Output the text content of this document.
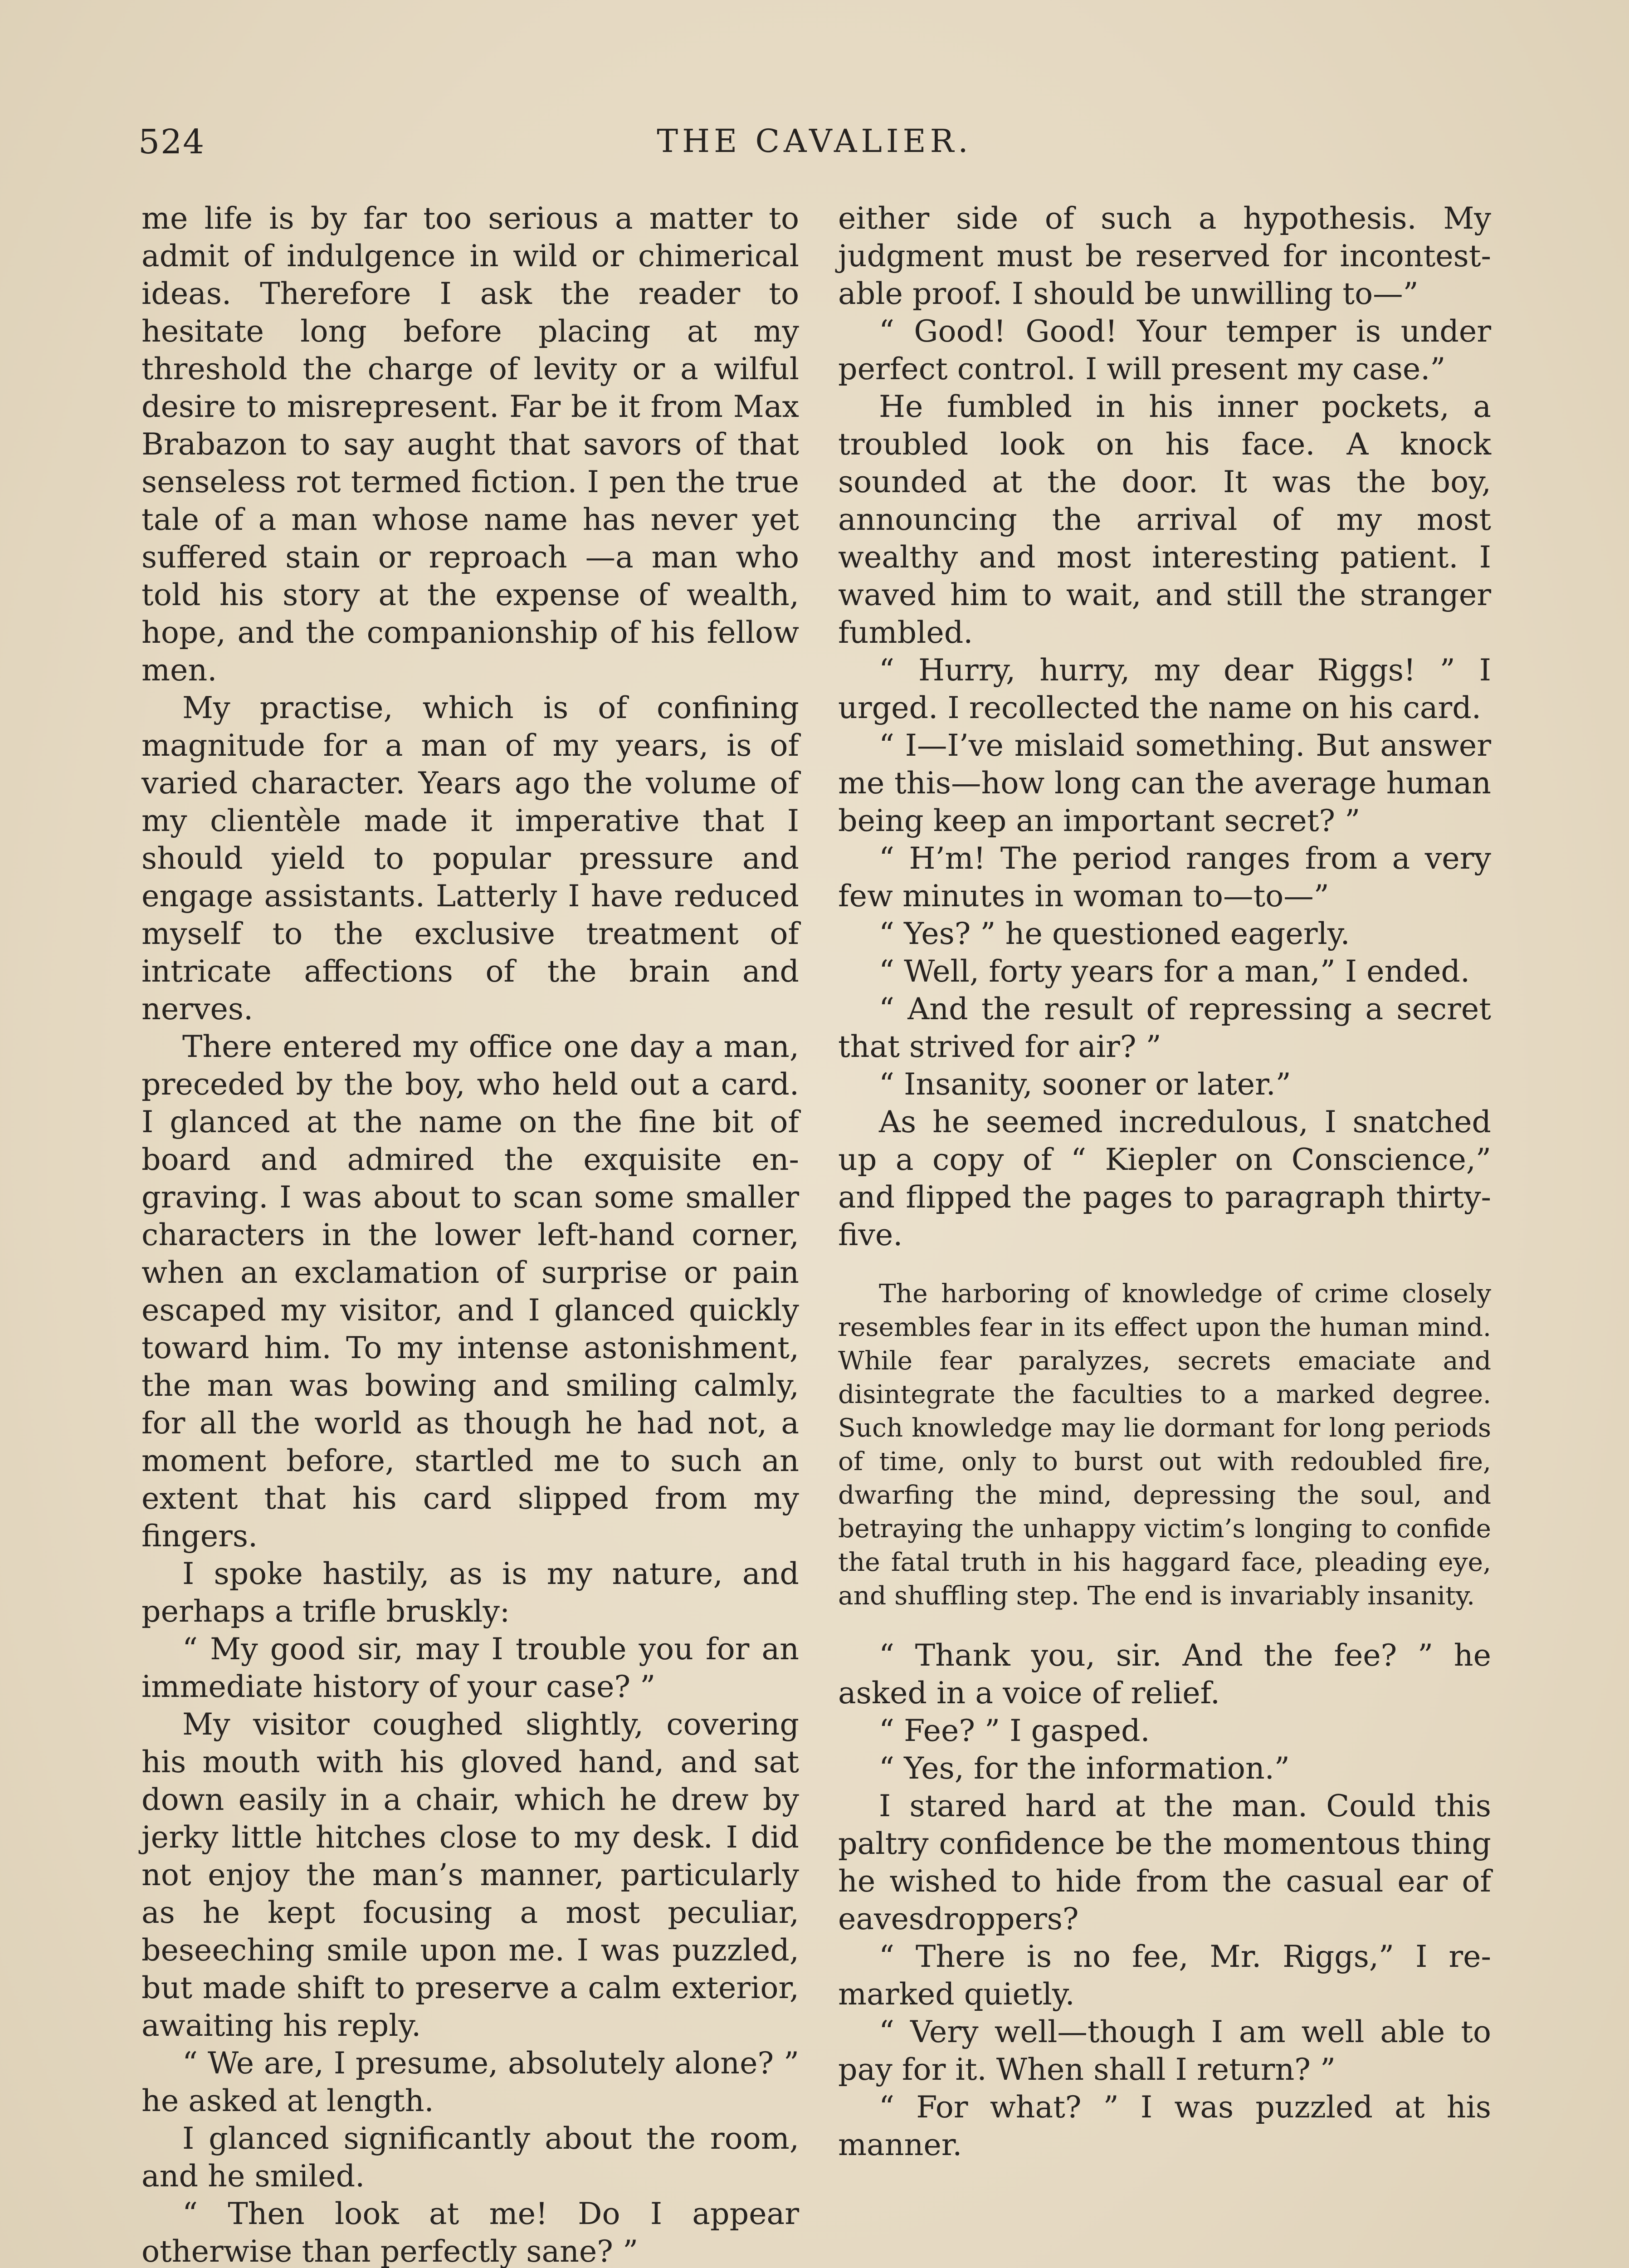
524	THE CAVALIER.

me life is by far too serious a matter to admit of indulgence in wild or chimerical ideas. Therefore I ask the reader to hesitate long before placing at my threshold the charge of levity or a wilful desire to misrepresent. Far be it from Max Brabazon to say aught that savors of that senseless rot termed fiction. I pen the true tale of a man whose name has never yet suffered stain or reproach —a man who told his story at the expense of wealth, hope, and the companionship of his fellow men.

My practise, which is of confining magnitude for a man of my years, is of varied character. Years ago the volume of my clientèle made it imperative that I should yield to popular pressure and engage assistants. Latterly I have reduced myself to the exclusive treatment of intricate affections of the brain and nerves.

There entered my office one day a man, preceded by the boy, who held out a card. I glanced at the name on the fine bit of board and admired the exquisite engraving. I was about to scan some smaller characters in the lower left-hand corner, when an exclamation of surprise or pain escaped my visitor, and I glanced quickly toward him. To my intense astonishment, the man was bowing and smiling calmly, for all the world as though he had not, a moment before, startled me to such an extent that his card slipped from my fingers.

I spoke hastily, as is my nature, and perhaps a trifle bruskly:

“ My good sir, may I trouble you for an immediate history of your case? ”

My visitor coughed slightly, covering his mouth with his gloved hand, and sat down easily in a chair, which he drew by jerky little hitches close to my desk. I did not enjoy the man’s manner, particularly as he kept focusing a most peculiar, beseeching smile upon me. I was puzzled, but made shift to preserve a calm exterior, awaiting his reply.

“ We are, I presume, absolutely alone? ” he asked at length.

I glanced significantly about the room, and he smiled.

“ Then look at me! Do I appear otherwise than perfectly sane? ”

either side of such a hypothesis. My judgment must be reserved for incontestable proof. I should be unwilling to—”

“ Good! Good! Your temper is under perfect control. I will present my case.”

He fumbled in his inner pockets, a troubled look on his face. A knock sounded at the door. It was the boy, announcing the arrival of my most wealthy and most interesting patient. I waved him to wait, and still the stranger fumbled.

“ Hurry, hurry, my dear Riggs! ” I urged. I recollected the name on his card.

“ I—I’ve mislaid something. But answer me this—how long can the average human being keep an important secret? ”

“ H’m! The period ranges from a very few minutes in woman to—to—”

“ Yes? ” he questioned eagerly.

“ Well, forty years for a man,” I ended.

“ And the result of repressing a secret that strived for air? ”

“ Insanity, sooner or later.”

As he seemed incredulous, I snatched up a copy of “ Kiepler on Conscience,” and flipped the pages to paragraph thirty-five.

The harboring of knowledge of crime closely resembles fear in its effect upon the human mind. While fear paralyzes, secrets emaciate and disintegrate the faculties to a marked degree. Such knowledge may lie dormant for long periods of time, only to burst out with redoubled fire, dwarfing the mind, depressing the soul, and betraying the unhappy victim’s longing to confide the fatal truth in his haggard face, pleading eye, and shuffling step. The end is invariably insanity.

“ Thank you, sir. And the fee? ” he asked in a voice of relief.

“ Fee? ” I gasped.

“ Yes, for the information.”

I stared hard at the man. Could this paltry confidence be the momentous thing he wished to hide from the casual ear of eavesdroppers?

“ There is no fee, Mr. Riggs,” I remarked quietly.

“ Very well—though I am well able to pay for it. When shall I return? ”

“ For what? ” I was puzzled at his manner.
